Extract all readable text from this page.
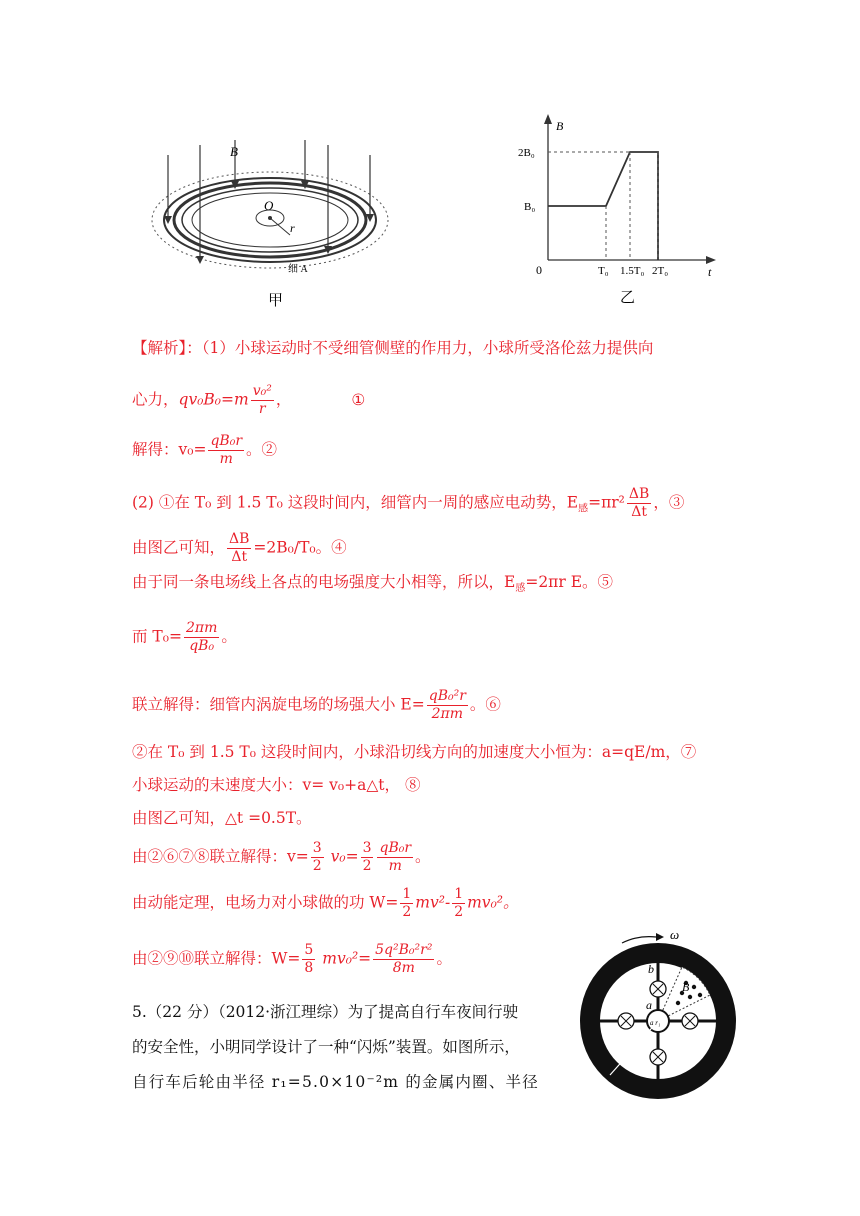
B
O
r
细 A
甲
B
t
0
2B₀
B₀
T₀ 1.5T₀ 2T₀
乙
【解析】：（1）小球运动时不受细管侧壁的作用力，小球所受洛伦兹力提供向
心力，$qv_0B_0=m \frac{\text{v₀²}}{r}$ ，	①
解得：$v_0= \frac{\text{qB₀r}}{m}$ 。②
(2) ①在 T₀ 到 1.5 T₀ 这段时间内，细管内一周的感应电动势，$E_感=\pi r^2 \frac{\Delta B}{\Delta t}$ ，③
由图乙可知， $\frac{\Delta B}{\Delta t} =2B_0/T_0$。④
由于同一条电场线上各点的电场强度大小相等，所以，$E_感=2\pi r$ E。⑤
而 $T_0= \frac{2\pi m}{\text{qB₀}}$ 。
联立解得：细管内涡旋电场的场强大小 $E= \frac{\text{qB₀²r}}{2\pi m}$ 。⑥
②在 T₀ 到 1.5 T₀ 这段时间内，小球沿切线方向的加速度大小恒为：a=qE/m，⑦
小球运动的末速度大小：v= v₀+a△t， ⑧
由图乙可知，△t =0.5T。
由②⑥⑦⑧联立解得：$v= \frac{3}{2} v_0= \frac{3}{2} \frac{\text{qB₀r}}{m}$ 。
由动能定理，电场力对小球做的功 $W= \frac{1}{2} mv^2- \frac{1}{2} mv_0^2$。
由②⑨⑩联立解得：$W= \frac{5}{8} mv_0^2= \frac{\text{5q²B₀²r²}}{8m}$ 。
5.（22 分）（2012·浙江理综）为了提高自行车夜间行驶
的安全性，小明同学设计了一种“闪烁”装置。如图所示，
自行车后轮由半径 r₁=5.0×10⁻²m 的金属内圈、半径
ω
b
a
B
a r₁
r₂
